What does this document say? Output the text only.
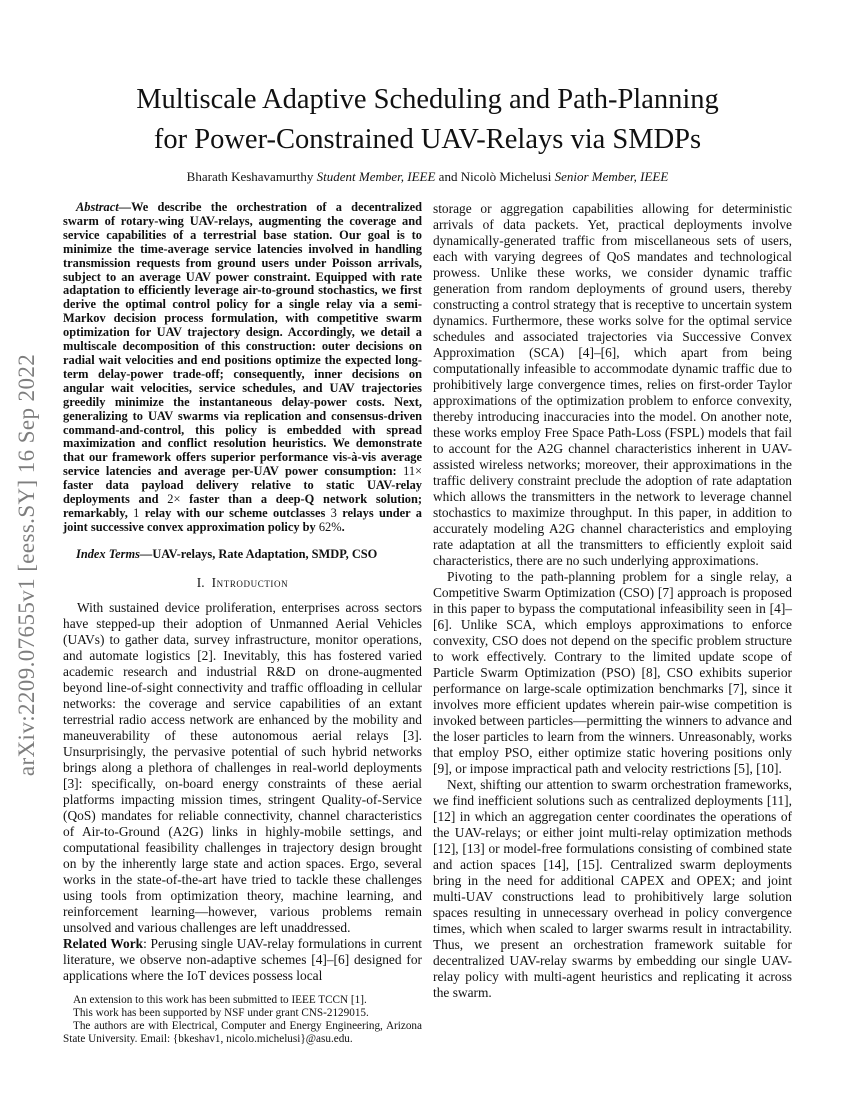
arXiv:2209.07655v1 [eess.SY] 16 Sep 2022
Multiscale Adaptive Scheduling and Path-Planning
for Power-Constrained UAV-Relays via SMDPs
Bharath Keshavamurthy Student Member, IEEE and Nicolò Michelusi Senior Member, IEEE

Abstract—We describe the orchestration of a decentralized swarm of rotary-wing UAV-relays, augmenting the coverage and service capabilities of a terrestrial base station. Our goal is to minimize the time-average service latencies involved in handling transmission requests from ground users under Poisson arrivals, subject to an average UAV power constraint. Equipped with rate adaptation to efficiently leverage air-to-ground stochastics, we first derive the optimal control policy for a single relay via a semi-Markov decision process formulation, with competitive swarm optimization for UAV trajectory design. Accordingly, we detail a multiscale decomposition of this construction: outer decisions on radial wait velocities and end positions optimize the expected long-term delay-power trade-off; consequently, inner decisions on angular wait velocities, service schedules, and UAV trajectories greedily minimize the instantaneous delay-power costs. Next, generalizing to UAV swarms via replication and consensus-driven command-and-control, this policy is embedded with spread maximization and conflict resolution heuristics. We demonstrate that our framework offers superior performance vis-à-vis average service latencies and average per-UAV power consumption: 11× faster data payload delivery relative to static UAV-relay deployments and 2× faster than a deep-Q network solution; remarkably, 1 relay with our scheme outclasses 3 relays under a joint successive convex approximation policy by 62%.

Index Terms—UAV-relays, Rate Adaptation, SMDP, CSO

I. Introduction

With sustained device proliferation, enterprises across sectors have stepped-up their adoption of Unmanned Aerial Vehicles (UAVs) to gather data, survey infrastructure, monitor operations, and automate logistics [2]. Inevitably, this has fostered varied academic research and industrial R&D on drone-augmented beyond line-of-sight connectivity and traffic offloading in cellular networks: the coverage and service capabilities of an extant terrestrial radio access network are enhanced by the mobility and maneuverability of these autonomous aerial relays [3]. Unsurprisingly, the pervasive potential of such hybrid networks brings along a plethora of challenges in real-world deployments [3]: specifically, on-board energy constraints of these aerial platforms impacting mission times, stringent Quality-of-Service (QoS) mandates for reliable connectivity, channel characteristics of Air-to-Ground (A2G) links in highly-mobile settings, and computational feasibility challenges in trajectory design brought on by the inherently large state and action spaces. Ergo, several works in the state-of-the-art have tried to tackle these challenges using tools from optimization theory, machine learning, and reinforcement learning—however, various problems remain unsolved and various challenges are left unaddressed.

Related Work: Perusing single UAV-relay formulations in current literature, we observe non-adaptive schemes [4]–[6] designed for applications where the IoT devices possess local

An extension to this work has been submitted to IEEE TCCN [1].

This work has been supported by NSF under grant CNS-2129015.

The authors are with Electrical, Computer and Energy Engineering, Arizona State University. Email: {bkeshav1, nicolo.michelusi}@asu.edu.

storage or aggregation capabilities allowing for deterministic arrivals of data packets. Yet, practical deployments involve dynamically-generated traffic from miscellaneous sets of users, each with varying degrees of QoS mandates and technological prowess. Unlike these works, we consider dynamic traffic generation from random deployments of ground users, thereby constructing a control strategy that is receptive to uncertain system dynamics. Furthermore, these works solve for the optimal service schedules and associated trajectories via Successive Convex Approximation (SCA) [4]–[6], which apart from being computationally infeasible to accommodate dynamic traffic due to prohibitively large convergence times, relies on first-order Taylor approximations of the optimization problem to enforce convexity, thereby introducing inaccuracies into the model. On another note, these works employ Free Space Path-Loss (FSPL) models that fail to account for the A2G channel characteristics inherent in UAV-assisted wireless networks; moreover, their approximations in the traffic delivery constraint preclude the adoption of rate adaptation which allows the transmitters in the network to leverage channel stochastics to maximize throughput. In this paper, in addition to accurately modeling A2G channel characteristics and employing rate adaptation at all the transmitters to efficiently exploit said characteristics, there are no such underlying approximations.

Pivoting to the path-planning problem for a single relay, a Competitive Swarm Optimization (CSO) [7] approach is proposed in this paper to bypass the computational infeasibility seen in [4]–[6]. Unlike SCA, which employs approximations to enforce convexity, CSO does not depend on the specific problem structure to work effectively. Contrary to the limited update scope of Particle Swarm Optimization (PSO) [8], CSO exhibits superior performance on large-scale optimization benchmarks [7], since it involves more efficient updates wherein pair-wise competition is invoked between particles—permitting the winners to advance and the loser particles to learn from the winners. Unreasonably, works that employ PSO, either optimize static hovering positions only [9], or impose impractical path and velocity restrictions [5], [10].

Next, shifting our attention to swarm orchestration frameworks, we find inefficient solutions such as centralized deployments [11], [12] in which an aggregation center coordinates the operations of the UAV-relays; or either joint multi-relay optimization methods [12], [13] or model-free formulations consisting of combined state and action spaces [14], [15]. Centralized swarm deployments bring in the need for additional CAPEX and OPEX; and joint multi-UAV constructions lead to prohibitively large solution spaces resulting in unnecessary overhead in policy convergence times, which when scaled to larger swarms result in intractability. Thus, we present an orchestration framework suitable for decentralized UAV-relay swarms by embedding our single UAV-relay policy with multi-agent heuristics and replicating it across the swarm.
